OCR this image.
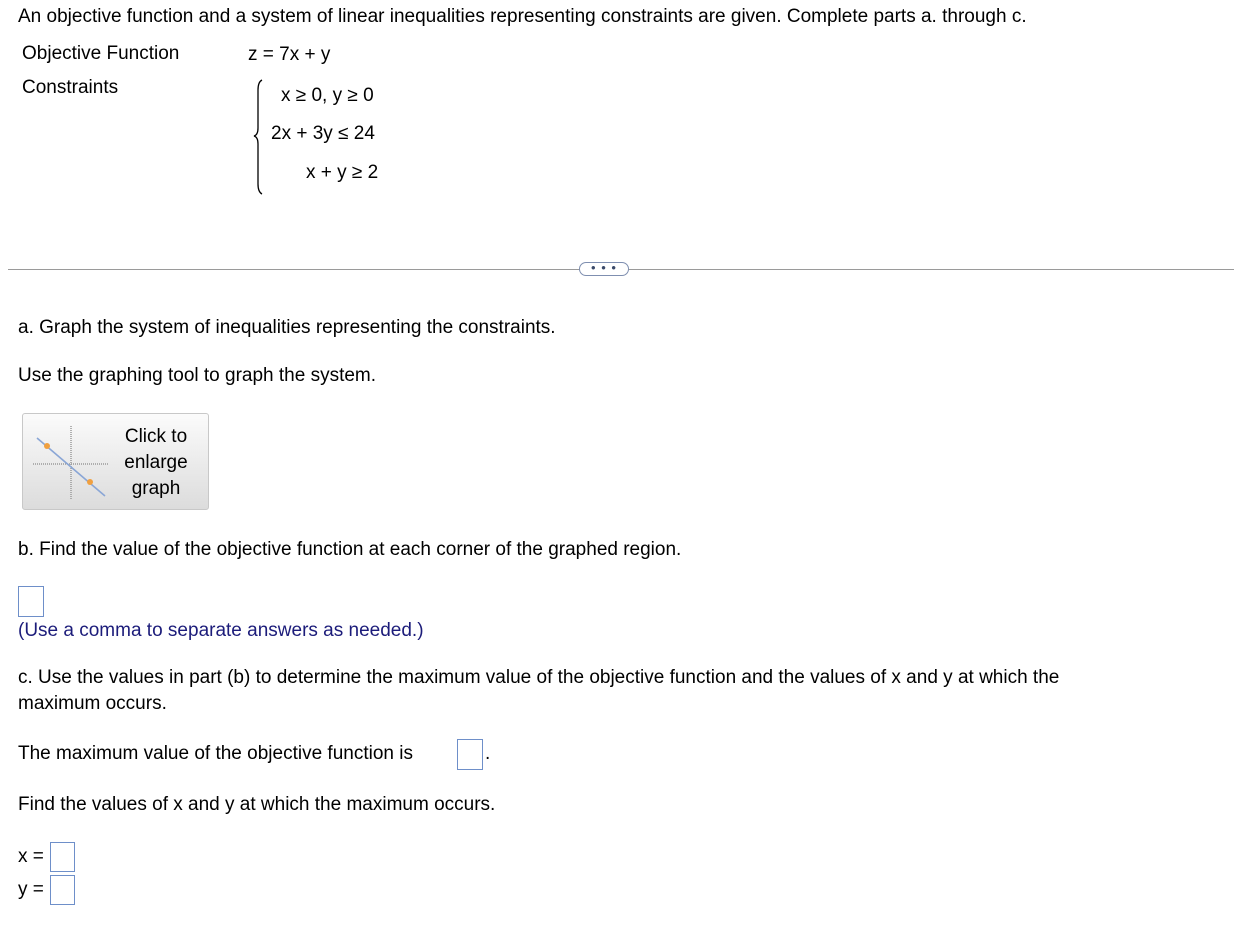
An objective function and a system of linear inequalities representing constraints are given. Complete parts a. through c.
Objective Function	z = 7x + y
Constraints	x ≥ 0, y ≥ 0
2x + 3y ≤ 24
x + y ≥ 2
• • •
a. Graph the system of inequalities representing the constraints.
Use the graphing tool to graph the system.
Click to enlarge graph
b. Find the value of the objective function at each corner of the graphed region.
(Use a comma to separate answers as needed.)
c. Use the values in part (b) to determine the maximum value of the objective function and the values of x and y at which the
maximum occurs.
The maximum value of the objective function is	.
Find the values of x and y at which the maximum occurs.
x =
y =
